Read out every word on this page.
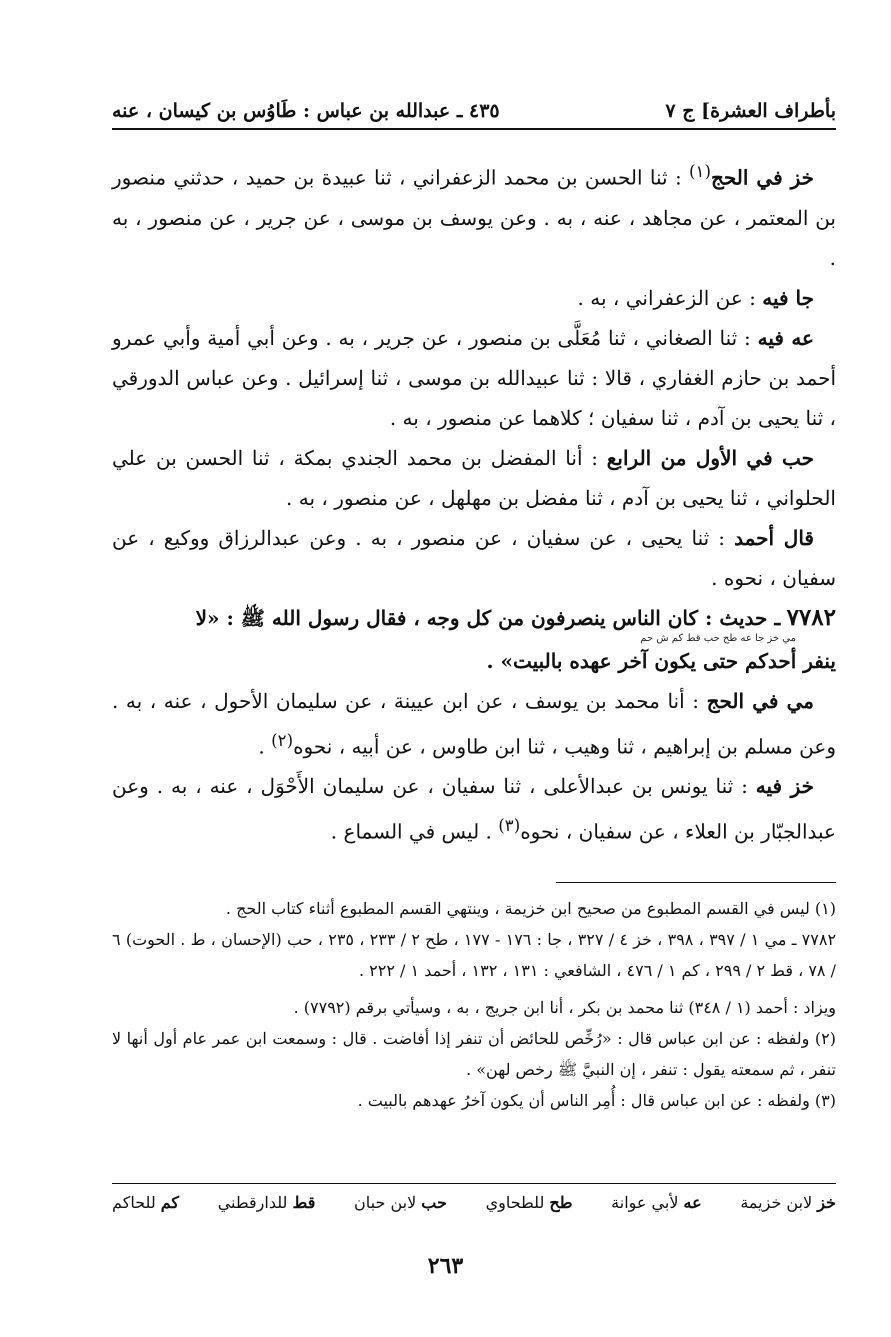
بأطراف العشرة] ج ٧
٤٣٥ ـ عبدالله بن عباس : طَاوُس بن كيسان ، عنه

خز في الحج$^{(١)}$ : ثنا الحسن بن محمد الزعفراني ، ثنا عبيدة بن حميد ، حدثني منصور بن المعتمر ، عن مجاهد ، عنه ، به . وعن يوسف بن موسى ، عن جرير ، عن منصور ، به .

جا فيه : عن الزعفراني ، به .

عه فيه : ثنا الصغاني ، ثنا مُعَلَّى بن منصور ، عن جرير ، به . وعن أبي أمية وأبي عمرو أحمد بن حازم الغفاري ، قالا : ثنا عبيدالله بن موسى ، ثنا إسرائيل . وعن عباس الدورقي ، ثنا يحيى بن آدم ، ثنا سفيان ؛ كلاهما عن منصور ، به .

حب في الأول من الرابع : أنا المفضل بن محمد الجندي بمكة ، ثنا الحسن بن علي الحلواني ، ثنا يحيى بن آدم ، ثنا مفضل بن مهلهل ، عن منصور ، به .

قال أحمد : ثنا يحيى ، عن سفيان ، عن منصور ، به . وعن عبدالرزاق ووكيع ، عن سفيان ، نحوه .

٧٧٨٢ ـ حديث : كان الناس ينصرفون من كل وجه ، فقال رسول الله ﷺ : «لا
مي خز جا عه طح حب قط كم ش حم
ينفر أحدكم حتى يكون آخر عهده بالبيت» .

مي في الحج : أنا محمد بن يوسف ، عن ابن عيينة ، عن سليمان الأحول ، عنه ، به . وعن مسلم بن إبراهيم ، ثنا وهيب ، ثنا ابن طاوس ، عن أبيه ، نحوه$^{(٢)}$ .

خز فيه : ثنا يونس بن عبدالأعلى ، ثنا سفيان ، عن سليمان الأَحْوَل ، عنه ، به . وعن عبدالجبّار بن العلاء ، عن سفيان ، نحوه$^{(٣)}$ . ليس في السماع .

(١) ليس في القسم المطبوع من صحيح ابن خزيمة ، وينتهي القسم المطبوع أثناء كتاب الحج .

٧٧٨٢ ـ مي ١ / ٣٩٧ ، ٣٩٨ ، خز ٤ / ٣٢٧ ، جا : ١٧٦ - ١٧٧ ، طح ٢ / ٢٣٣ ، ٢٣٥ ، حب (الإحسان ، ط . الحوت) ٦ / ٧٨ ، قط ٢ / ٢٩٩ ، كم ١ / ٤٧٦ ، الشافعي : ١٣١ ، ١٣٢ ، أحمد ١ / ٢٢٢ .

ويزاد : أحمد (١ / ٣٤٨) ثنا محمد بن بكر ، أنا ابن جريج ، به ، وسيأتي برقم (٧٧٩٢) .

(٢) ولفظه : عن ابن عباس قال : «رُخِّص للحائض أن تنفر إذا أفاضت . قال : وسمعت ابن عمر عام أول أنها لا تنفر ، ثم سمعته يقول : تنفر ، إن النبيَّ ﷺ رخص لهن» .

(٣) ولفظه : عن ابن عباس قال : أُمِر الناس أن يكون آخرُ عهدهم بالبيت .

خز لابن خزيمة
عه لأبي عوانة
طح للطحاوي
حب لابن حبان
قط للدارقطني
كم للحاكم
٢٦٣
